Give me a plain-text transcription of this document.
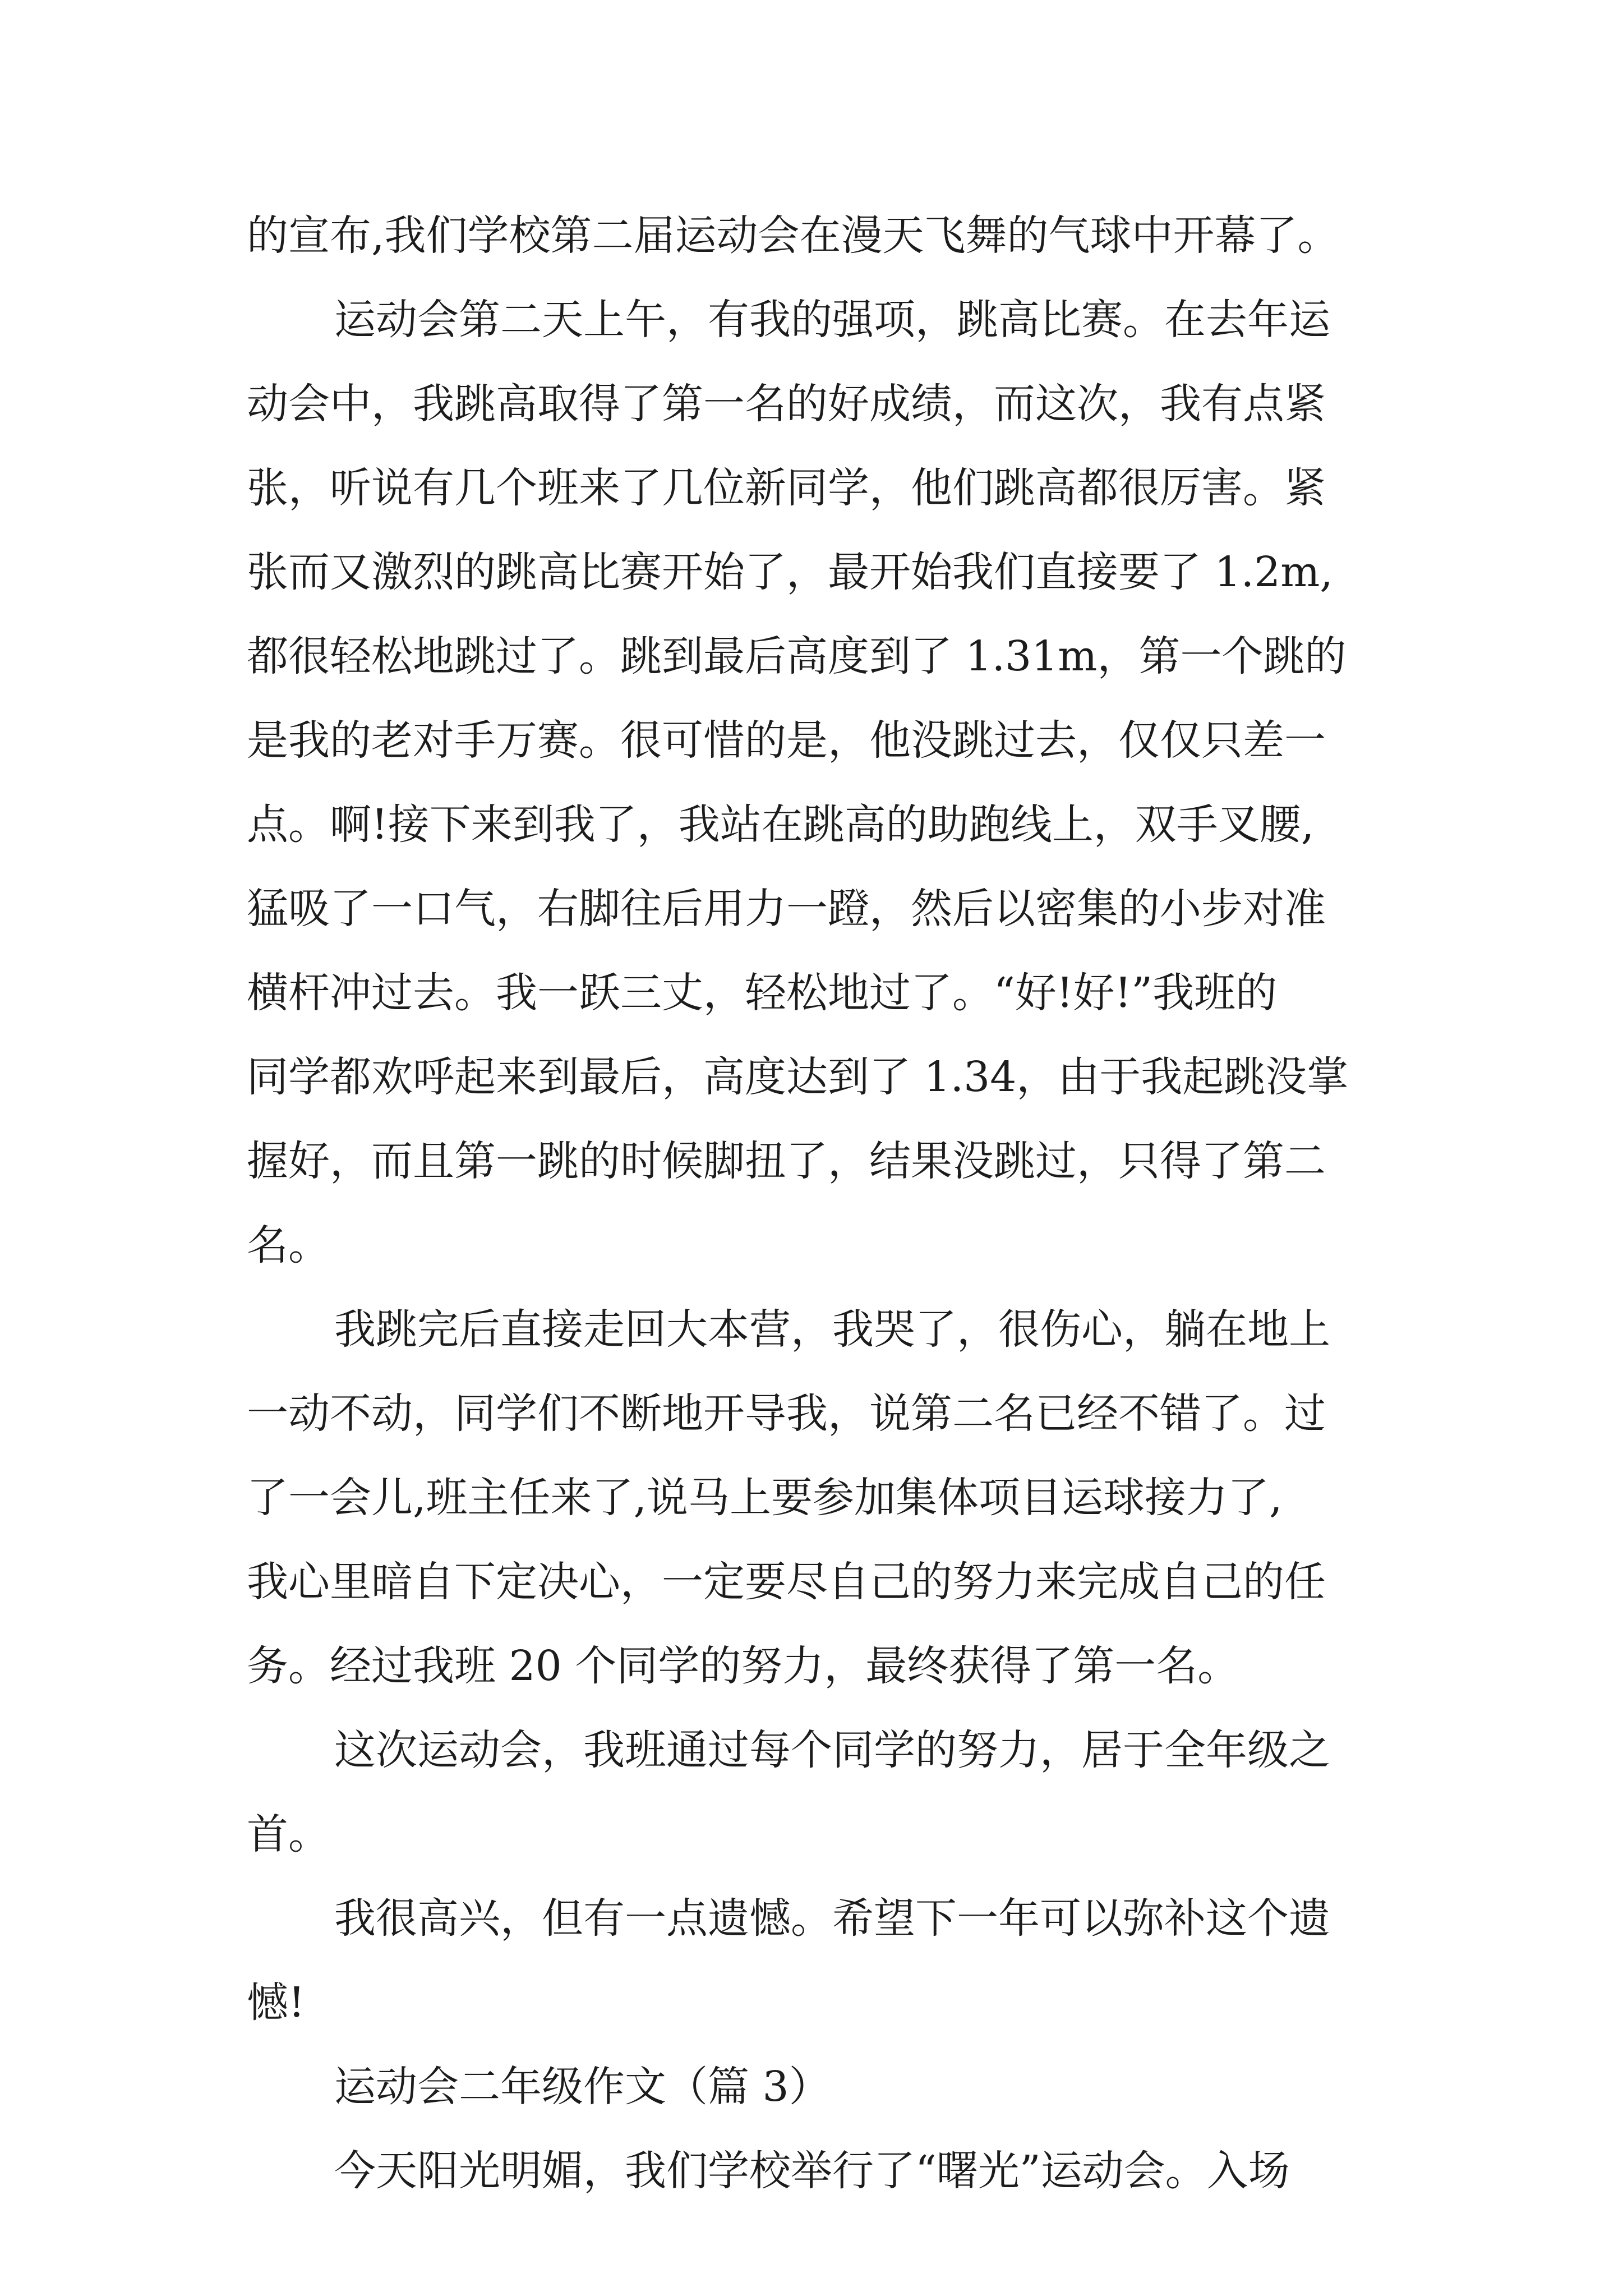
的宣布,我们学校第二届运动会在漫天飞舞的气球中开幕了。
运动会第二天上午，有我的强项，跳高比赛。在去年运
动会中，我跳高取得了第一名的好成绩，而这次，我有点紧
张，听说有几个班来了几位新同学，他们跳高都很厉害。紧
张而又激烈的跳高比赛开始了，最开始我们直接要了 1.2m,
都很轻松地跳过了。跳到最后高度到了 1.31m，第一个跳的
是我的老对手万赛。很可惜的是，他没跳过去，仅仅只差一
点。啊!接下来到我了，我站在跳高的助跑线上，双手叉腰,
猛吸了一口气，右脚往后用力一蹬，然后以密集的小步对准
横杆冲过去。我一跃三丈，轻松地过了。“好!好!”我班的
同学都欢呼起来到最后，高度达到了 1.34，由于我起跳没掌
握好，而且第一跳的时候脚扭了，结果没跳过，只得了第二
名。
我跳完后直接走回大本营，我哭了，很伤心，躺在地上
一动不动，同学们不断地开导我，说第二名已经不错了。过
了一会儿,班主任来了,说马上要参加集体项目运球接力了,
我心里暗自下定决心，一定要尽自己的努力来完成自己的任
务。经过我班 20 个同学的努力，最终获得了第一名。
这次运动会，我班通过每个同学的努力，居于全年级之
首。
我很高兴，但有一点遗憾。希望下一年可以弥补这个遗
憾!
运动会二年级作文（篇 3）
今天阳光明媚，我们学校举行了“曙光”运动会。入场
